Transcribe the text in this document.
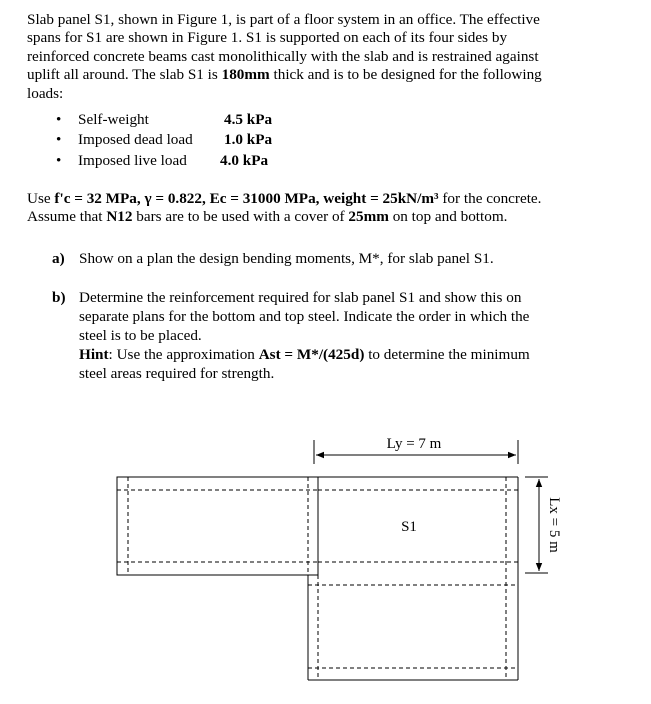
Slab panel S1, shown in Figure 1, is part of a floor system in an office. The effective
spans for S1 are shown in Figure 1. S1 is supported on each of its four sides by
reinforced concrete beams cast monolithically with the slab and is restrained against
uplift all around. The slab S1 is 180mm thick and is to be designed for the following
loads:
• Self-weight	4.5 kPa
• Imposed dead load 1.0 kPa
• Imposed live load 4.0 kPa
Use f'c = 32 MPa, γ = 0.822, Ec = 31000 MPa, weight = 25kN/m³ for the concrete.
Assume that N12 bars are to be used with a cover of 25mm on top and bottom.
a) Show on a plan the design bending moments, M*, for slab panel S1.
b) Determine the reinforcement required for slab panel S1 and show this on
separate plans for the bottom and top steel. Indicate the order in which the
steel is to be placed.
Hint: Use the approximation Ast = M*/(425d) to determine the minimum
steel areas required for strength.
Ly = 7 m
Lx = 5 m
S1
